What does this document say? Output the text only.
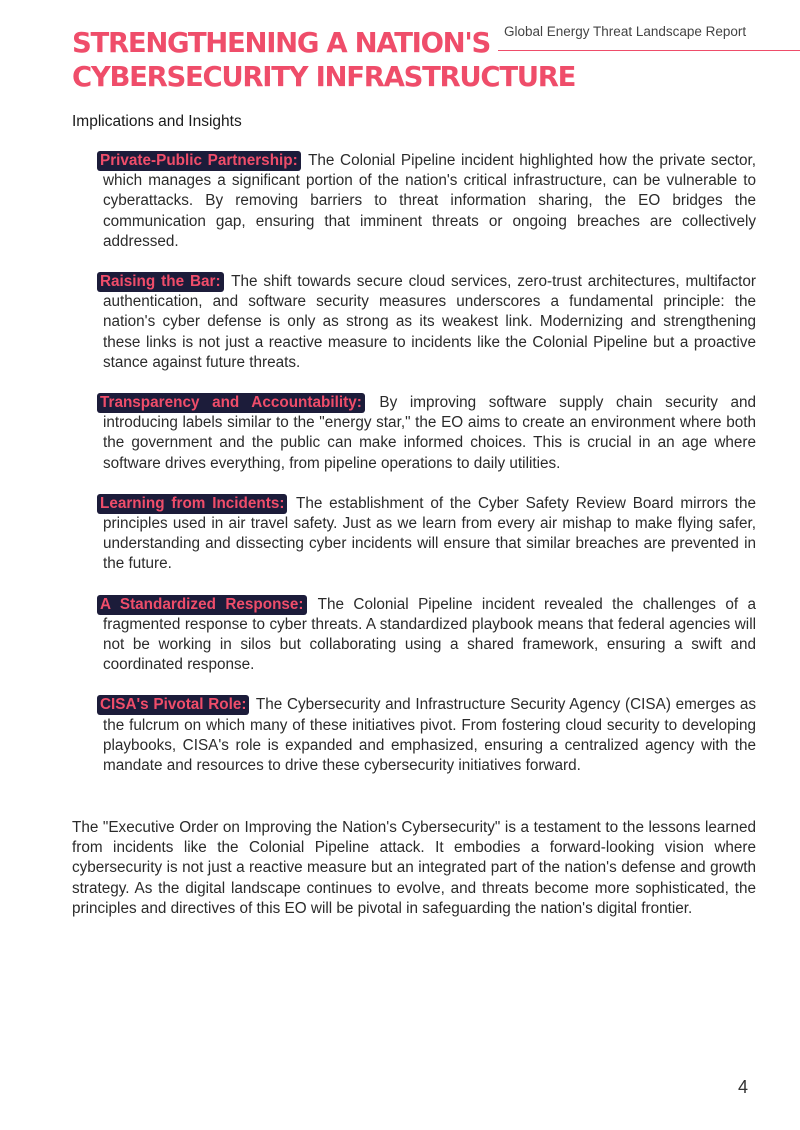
Global Energy Threat Landscape Report
STRENGTHENING A NATION'S
CYBERSECURITY INFRASTRUCTURE
Implications and Insights

Private-Public Partnership: The Colonial Pipeline incident highlighted how the private sector, which manages a significant portion of the nation's critical infrastructure, can be vulnerable to cyberattacks. By removing barriers to threat information sharing, the EO bridges the communication gap, ensuring that imminent threats or ongoing breaches are collectively addressed.

Raising the Bar: The shift towards secure cloud services, zero-trust architectures, multifactor authentication, and software security measures underscores a fundamental principle: the nation's cyber defense is only as strong as its weakest link. Modernizing and strengthening these links is not just a reactive measure to incidents like the Colonial Pipeline but a proactive stance against future threats.

Transparency and Accountability: By improving software supply chain security and introducing labels similar to the "energy star," the EO aims to create an environment where both the government and the public can make informed choices. This is crucial in an age where software drives everything, from pipeline operations to daily utilities.

Learning from Incidents: The establishment of the Cyber Safety Review Board mirrors the principles used in air travel safety. Just as we learn from every air mishap to make flying safer, understanding and dissecting cyber incidents will ensure that similar breaches are prevented in the future.

A Standardized Response: The Colonial Pipeline incident revealed the challenges of a fragmented response to cyber threats. A standardized playbook means that federal agencies will not be working in silos but collaborating using a shared framework, ensuring a swift and coordinated response.

CISA's Pivotal Role: The Cybersecurity and Infrastructure Security Agency (CISA) emerges as the fulcrum on which many of these initiatives pivot. From fostering cloud security to developing playbooks, CISA's role is expanded and emphasized, ensuring a centralized agency with the mandate and resources to drive these cybersecurity initiatives forward.

The "Executive Order on Improving the Nation's Cybersecurity" is a testament to the lessons learned from incidents like the Colonial Pipeline attack. It embodies a forward-looking vision where cybersecurity is not just a reactive measure but an integrated part of the nation's defense and growth strategy. As the digital landscape continues to evolve, and threats become more sophisticated, the principles and directives of this EO will be pivotal in safeguarding the nation's digital frontier.

4
